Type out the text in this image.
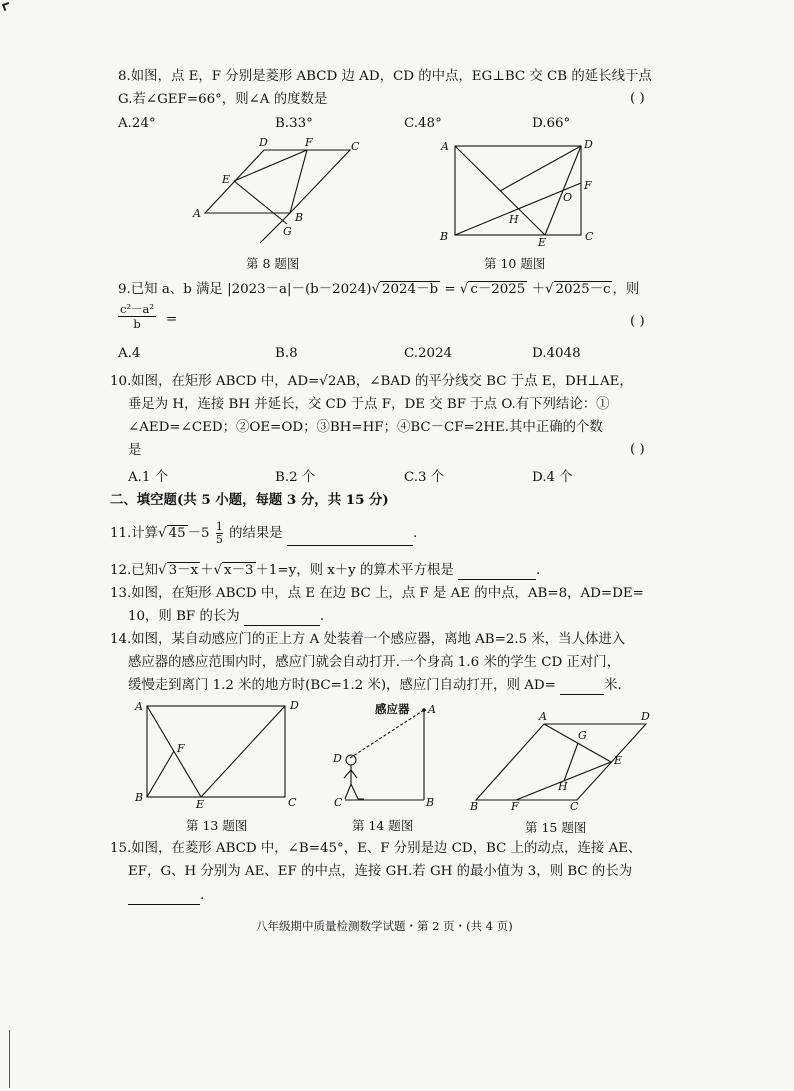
8.如图，点 E，F 分别是菱形 ABCD 边 AD，CD 的中点，EG⊥BC 交 CB 的延长线于点
G.若∠GEF=66°，则∠A 的度数是	( )
A.24°	B.33°	C.48°	D.66°
D	F	C
E
A	B
G
第 8 题图
A	D
F
O
H
B	E	C
第 10 题图
9.已知 a、b 满足 |2023－a|－(b－2024)√ 2024－b = √ c－2025 ＋√ 2025－c ，则
$\frac{\text{c²－a²}}{b}$ =	( )
A.4	B.8	C.2024	D.4048
10.如图，在矩形 ABCD 中，AD=√2AB，∠BAD 的平分线交 BC 于点 E，DH⊥AE，
垂足为 H，连接 BH 并延长，交 CD 于点 F，DE 交 BF 于点 O.有下列结论：①
∠AED=∠CED；②OE=OD；③BH=HF；④BC－CF=2HE.其中正确的个数
是	( )
A.1 个	B.2 个	C.3 个	D.4 个
二、填空题(共 5 小题，每题 3 分，共 15 分)
11.计算√ $45 -5 \frac{1}{5}$ 的结果是	.
12.已知√ 3－x ＋√ x－3 ＋1=y，则 x＋y 的算术平方根是	.
13.如图，在矩形 ABCD 中，点 E 在边 BC 上，点 F 是 AE 的中点，AB=8，AD=DE=
10，则 BF 的长为	.
14.如图，某自动感应门的正上方 A 处装着一个感应器，离地 AB=2.5 米，当人体进入
感应器的感应范围内时，感应门就会自动打开.一个身高 1.6 米的学生 CD 正对门，
缓慢走到离门 1.2 米的地方时(BC=1.2 米)，感应门自动打开，则 AD=	米.
A	D
F
B
E	C
第 13 题图
A
D
C	B
感应器
第 14 题图
A	D
G
E
H
B	F	C
第 15 题图
15.如图，在菱形 ABCD 中，∠B=45°，E、F 分别是边 CD，BC 上的动点，连接 AE、
EF，G、H 分别为 AE、EF 的中点，连接 GH.若 GH 的最小值为 3，则 BC 的长为
.
八年级期中质量检测数学试题・第 2 页・(共 4 页)
